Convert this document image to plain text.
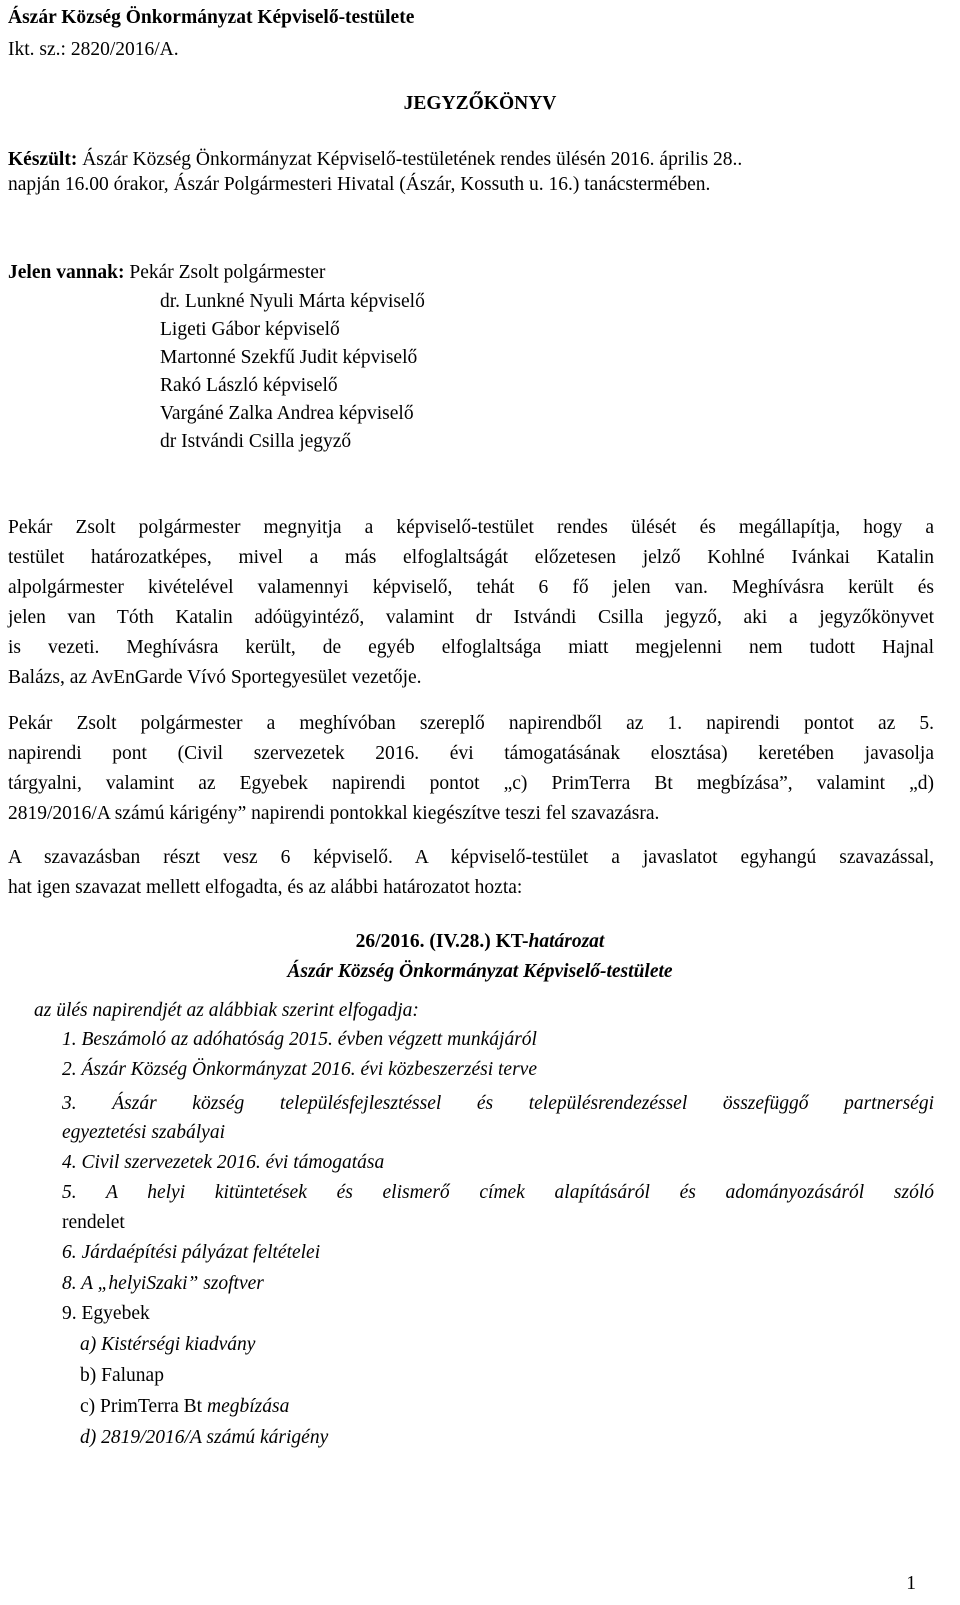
Ászár Község Önkormányzat Képviselő-testülete
Ikt. sz.: 2820/2016/A.
JEGYZŐKÖNYV
Készült: Ászár Község Önkormányzat Képviselő-testületének rendes ülésén 2016. április 28..
napján 16.00 órakor, Ászár Polgármesteri Hivatal (Ászár, Kossuth u. 16.) tanácstermében.
Jelen vannak: Pekár Zsolt polgármester
dr. Lunkné Nyuli Márta képviselő
Ligeti Gábor képviselő
Martonné Szekfű Judit képviselő
Rakó László képviselő
Vargáné Zalka Andrea képviselő
dr Istvándi Csilla jegyző
Pekár Zsolt polgármester megnyitja a képviselő-testület rendes ülését és megállapítja, hogy a
testület határozatképes, mivel a más elfoglaltságát előzetesen jelző Kohlné Ivánkai Katalin
alpolgármester kivételével valamennyi képviselő, tehát 6 fő jelen van. Meghívásra került és
jelen van Tóth Katalin adóügyintéző, valamint dr Istvándi Csilla jegyző, aki a jegyzőkönyvet
is vezeti. Meghívásra került, de egyéb elfoglaltsága miatt megjelenni nem tudott Hajnal
Balázs, az AvEnGarde Vívó Sportegyesület vezetője.
Pekár Zsolt polgármester a meghívóban szereplő napirendből az 1. napirendi pontot az 5.
napirendi pont (Civil szervezetek 2016. évi támogatásának elosztása) keretében javasolja
tárgyalni, valamint az Egyebek napirendi pontot „c) PrimTerra Bt megbízása”, valamint „d)
2819/2016/A számú kárigény” napirendi pontokkal kiegészítve teszi fel szavazásra.
A szavazásban részt vesz 6 képviselő. A képviselő-testület a javaslatot egyhangú szavazással,
hat igen szavazat mellett elfogadta, és az alábbi határozatot hozta:
26/2016. (IV.28.) KT-határozat
Ászár Község Önkormányzat Képviselő-testülete
az ülés napirendjét az alábbiak szerint elfogadja:
1. Beszámoló az adóhatóság 2015. évben végzett munkájáról
2. Ászár Község Önkormányzat 2016. évi közbeszerzési terve
3. Ászár község településfejlesztéssel és településrendezéssel összefüggő partnerségi
egyeztetési szabályai
4. Civil szervezetek 2016. évi támogatása
5. A helyi kitüntetések és elismerő címek alapításáról és adományozásáról szóló
rendelet
6. Járdaépítési pályázat feltételei
8. A „helyiSzaki” szoftver
9. Egyebek
a) Kistérségi kiadvány
b) Falunap
c) PrimTerra Bt megbízása
d) 2819/2016/A számú kárigény
1
